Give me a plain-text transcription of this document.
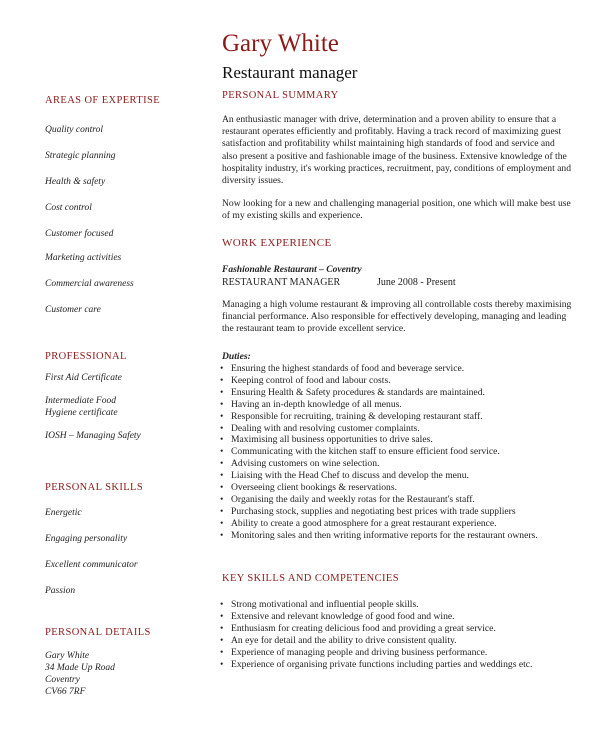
Gary White
Restaurant manager
AREAS OF EXPERTISE
Quality control
Strategic planning
Health & safety
Cost control
Customer focused
Marketing activities
Commercial awareness
Customer care
PROFESSIONAL
First Aid Certificate
Intermediate Food
Hygiene certificate
IOSH – Managing Safety
PERSONAL SKILLS
Energetic
Engaging personality
Excellent communicator
Passion
PERSONAL DETAILS
Gary White
34 Made Up Road
Coventry
CV66 7RF
PERSONAL SUMMARY
An enthusiastic manager with drive, determination and a proven ability to ensure that a restaurant operates efficiently and profitably. Having a track record of maximizing guest satisfaction and profitability whilst maintaining high standards of food and service and also present a positive and fashionable image of the business. Extensive knowledge of the hospitality industry, it's working practices, recruitment, pay, conditions of employment and diversity issues.
Now looking for a new and challenging managerial position, one which will make best use of my existing skills and experience.
WORK EXPERIENCE
Fashionable Restaurant – Coventry
RESTAURANT MANAGER	June 2008 - Present
Managing a high volume restaurant & improving all controllable costs thereby maximising financial performance. Also responsible for effectively developing, managing and leading the restaurant team to provide excellent service.
Duties:
• Ensuring the highest standards of food and beverage service.
• Keeping control of food and labour costs.
• Ensuring Health & Safety procedures & standards are maintained.
• Having an in-depth knowledge of all menus.
• Responsible for recruiting, training & developing restaurant staff.
• Dealing with and resolving customer complaints.
• Maximising all business opportunities to drive sales.
• Communicating with the kitchen staff to ensure efficient food service.
• Advising customers on wine selection.
• Liaising with the Head Chef to discuss and develop the menu.
• Overseeing client bookings & reservations.
• Organising the daily and weekly rotas for the Restaurant's staff.
• Purchasing stock, supplies and negotiating best prices with trade suppliers
• Ability to create a good atmosphere for a great restaurant experience.
• Monitoring sales and then writing informative reports for the restaurant owners.
KEY SKILLS AND COMPETENCIES
• Strong motivational and influential people skills.
• Extensive and relevant knowledge of good food and wine.
• Enthusiasm for creating delicious food and providing a great service.
• An eye for detail and the ability to drive consistent quality.
• Experience of managing people and driving business performance.
• Experience of organising private functions including parties and weddings etc.
